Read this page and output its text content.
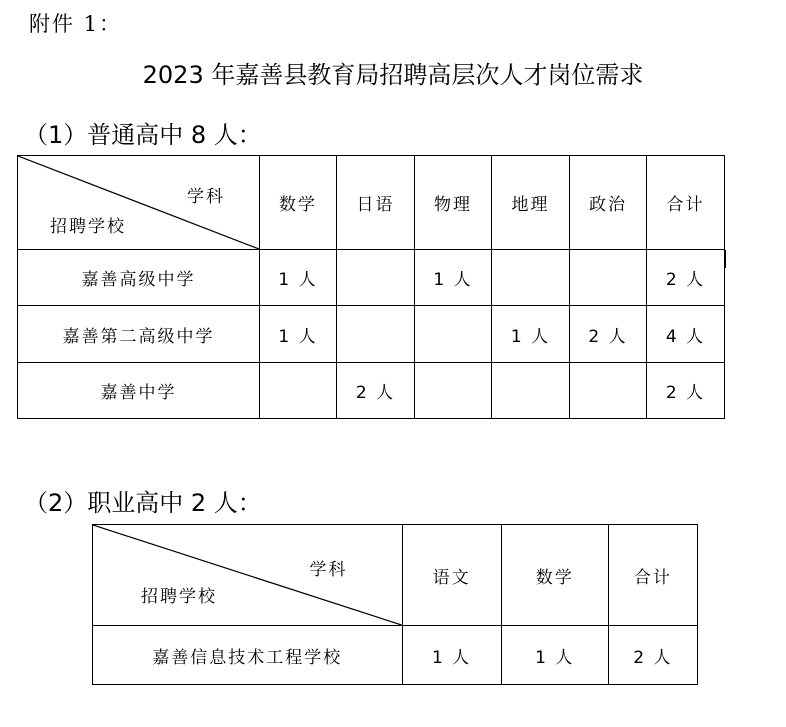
附件 1：
2023 年嘉善县教育局招聘高层次人才岗位需求
（1）普通高中 8 人：
学科
招聘学校	数学	日语	物理	地理	政治	合计
嘉善高级中学	1 人		1 人			2 人
嘉善第二高级中学	1 人			1 人	2 人	4 人
嘉善中学		2 人				2 人
（2）职业高中 2 人：
学科
招聘学校	语文	数学	合计
嘉善信息技术工程学校	1 人	1 人	2 人
